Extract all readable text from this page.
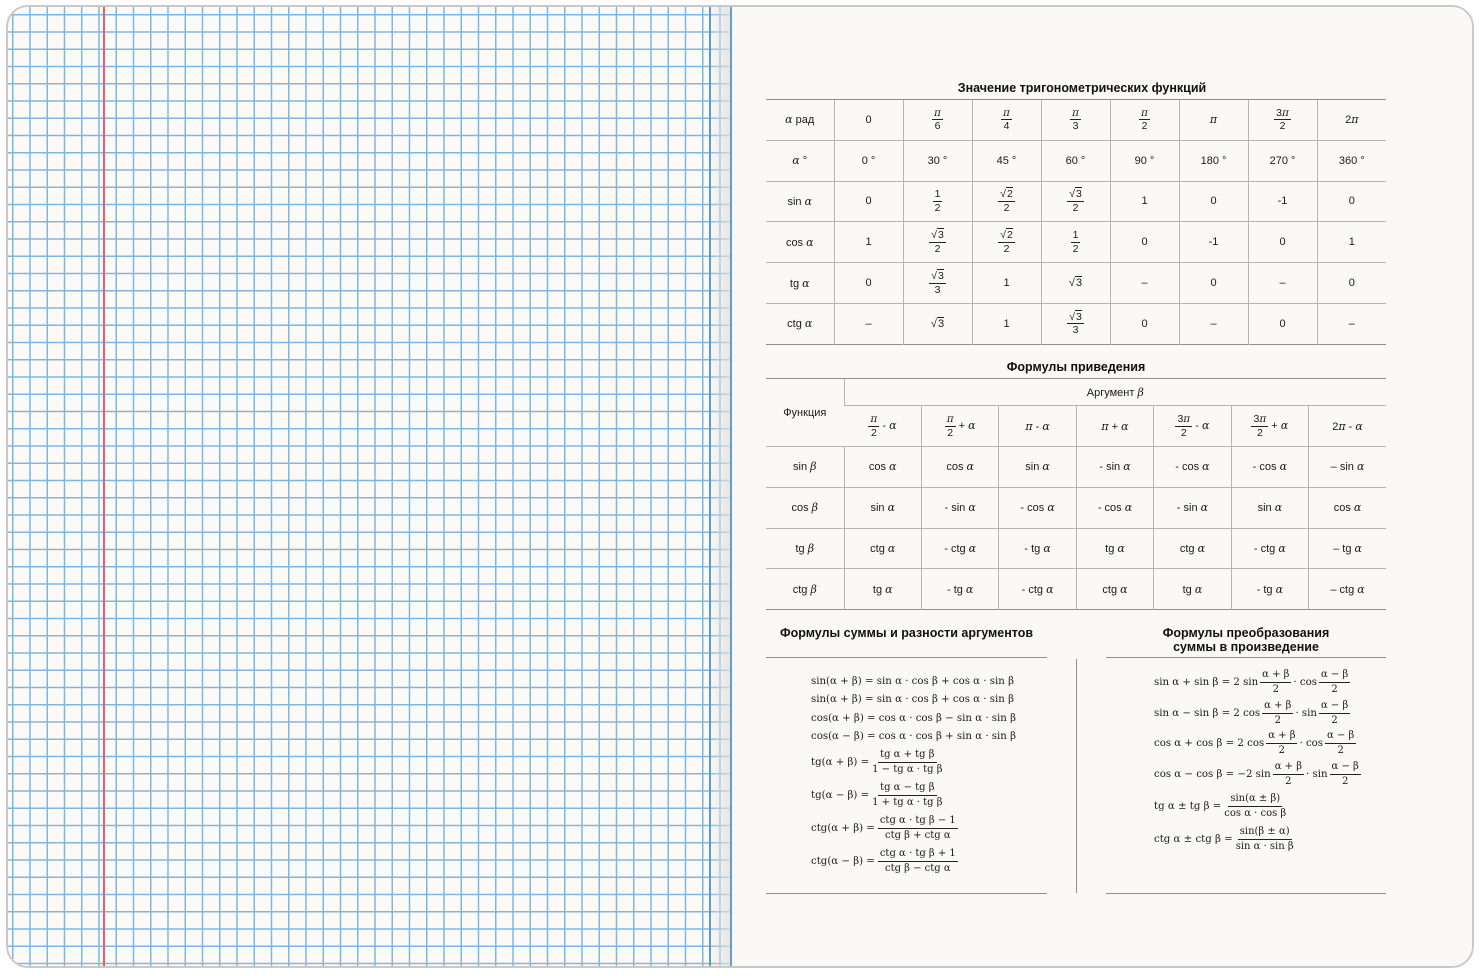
Значение тригонометрических функций
α рад	0	$\frac{\pi}{6}$	$\frac{\pi}{4}$	$\frac{\pi}{3}$	$\frac{\pi}{2}$	π	$\frac{3\pi}{2}$	2π
α °	0 °	30 °	45 °	60 °	90 °	180 °	270 °	360 °
sin α	0	$\frac{1}{2}$	$\frac{√2}{2}$	$\frac{√3}{2}$	1	0	-1	0
cos α	1	$\frac{√3}{2}$	$\frac{√2}{2}$	$\frac{1}{2}$	0	-1	0	1
tg α	0	$\frac{√3}{3}$	1	√3	–	0	–	0
ctg α	–	√3	1	$\frac{√3}{3}$	0	–	0	–
Формулы приведения
Функция	Аргумент β						

	$\frac{\pi}{2}$ - α	$\frac{\pi}{2} + \alpha$	π - α	π + α	$\frac{3\pi}{2}$ - α	$\frac{3\pi}{2} + \alpha$	2π - α
sin β	cos α	cos α	sin α	- sin α	- cos α	- cos α	– sin α
cos β	sin α	- sin α	- cos α	- cos α	- sin α	sin α	cos α
tg β	ctg α	- ctg α	- tg α	tg α	ctg α	- ctg α	– tg α
ctg β	tg α	- tg α	- ctg α	ctg α	tg α	- tg α	– ctg α
Формулы суммы и разности аргументов
sin(α + β) = sin α · cos β + cos α · sin β
sin(α + β) = sin α · cos β + cos α · sin β
cos(α + β) = cos α · cos β − sin α · sin β
cos(α − β) = cos α · cos β + sin α · sin β
$tg(\alpha + \beta) = \frac{\text{tg α + tg β}}{\text{1 − tg α · tg β}}$
$tg(\alpha - \beta) = \frac{\text{tg α − tg β}}{\text{1 + tg α · tg β}}$
$ctg(\alpha + \beta) = \frac{\text{ctg α · tg β − 1}}{\text{ctg β + ctg α}}$
$ctg(\alpha - \beta) = \frac{\text{ctg α · tg β + 1}}{\text{ctg β − ctg α}}$
Формулы преобразования
суммы в произведение
sin α + sin β = 2 $\sin \frac{\alpha + \beta}{2} \cdot \cos \frac{\alpha - \beta}{2}$
sin α − sin β = 2 $\cos \frac{\alpha + \beta}{2} \cdot \sin \frac{\alpha - \beta}{2}$
cos α + cos β = 2 $\cos \frac{\alpha + \beta}{2} \cdot \cos \frac{\alpha - \beta}{2}$
cos α − cos β = −2 $\sin \frac{\alpha + \beta}{2} \cdot \sin \frac{\alpha - \beta}{2}$
tg α ± tg $\beta = \frac{\sin(\alpha \pm \beta)}{\text{cos α · cos β}}$
ctg α ± ctg $\beta = \frac{\sin(\beta \pm \alpha)}{\text{sin α · sin β}}$
